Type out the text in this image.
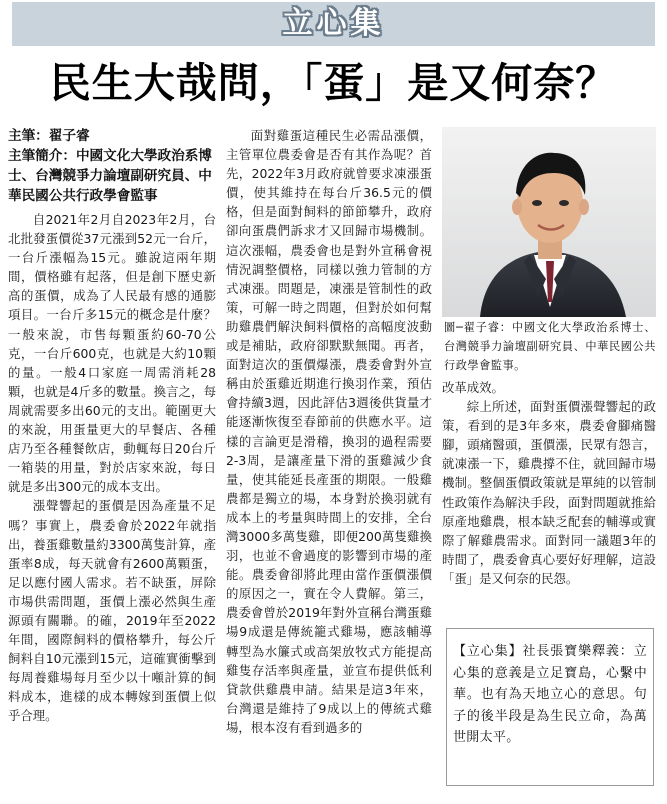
立心集
民生大哉問，「蛋」是又何奈？
主筆：翟子睿
主筆簡介：中國文化大學政治系博士、台灣競爭力論壇副研究員、中華民國公共行政學會監事

自2021年2月自2023年2月，台北批發蛋價從37元漲到52元一台斤，一台斤漲幅為15元。雖說這兩年期間，價格雖有起落，但是創下歷史新高的蛋價，成為了人民最有感的通膨項目。一台斤多15元的概念是什麼？一般來說，市售每顆蛋約60-70公克，一台斤600克，也就是大約10顆的量。一般4口家庭一周需消耗28顆，也就是4斤多的數量。換言之，每周就需要多出60元的支出。範圍更大的來說，用蛋量更大的早餐店、各種店乃至各種餐飲店，動輒每日20台斤一箱裝的用量，對於店家來說，每日就是多出300元的成本支出。

漲聲響起的蛋價是因為產量不足嗎？事實上，農委會於2022年就指出，養蛋雞數量約3300萬隻計算，產蛋率8成，每天就會有2600萬顆蛋，足以應付國人需求。若不缺蛋，屏除市場供需問題，蛋價上漲必然與生產源頭有關聯。的確，2019年至2022年間，國際飼料的價格攀升，每公斤飼料自10元漲到15元，這確實衝擊到每周養雞場每月至少以十噸計算的飼料成本，進樣的成本轉嫁到蛋價上似乎合理。

面對雞蛋這種民生必需品漲價，主管單位農委會是否有其作為呢？首先，2022年3月政府就曾要求凍漲蛋價，使其維持在每台斤36.5元的價格，但是面對飼料的節節攀升，政府卻向蛋農們訴求才又回歸市場機制。這次漲幅，農委會也是對外宣稱會視情況調整價格，同樣以強力管制的方式凍漲。問題是，凍漲是管制性的政策，可解一時之問題，但對於如何幫助雞農們解決飼料價格的高幅度波動或是補貼，政府卻默默無聞。再者，面對這次的蛋價爆漲，農委會對外宣稱由於蛋雞近期進行換羽作業，預估會持續3週，因此評估3週後供貨量才能逐漸恢復至春節前的供應水平。這樣的言論更是滑稽，換羽的過程需要2-3周，是讓產量下滑的蛋雞減少食量，使其能延長產蛋的期限。一般雞農都是獨立的場，本身對於換羽就有成本上的考量與時間上的安排，全台灣3000多萬隻雞，即便200萬隻雞換羽，也並不會過度的影響到市場的產能。農委會卻將此理由當作蛋價漲價的原因之一，實在令人費解。第三，農委會曾於2019年對外宣稱台灣蛋雞場9成還是傳統籠式雞場，應該輔導轉型為水簾式或高架放牧式方能提高雞隻存活率與產量，並宣布提供低利貸款供雞農申請。結果是這3年來，台灣還是維持了9成以上的傳統式雞場，根本沒有看到過多的

圖─翟子睿：中國文化大學政治系博士、台灣競爭力論壇副研究員、中華民國公共行政學會監事。

改革成效。

綜上所述，面對蛋價漲聲響起的政策，看到的是3年多來，農委會腳痛醫腳，頭痛醫頭，蛋價漲，民眾有怨言，就凍漲一下，雞農撐不住，就回歸市場機制。整個蛋價政策就是單純的以管制性政策作為解決手段，面對問題就推給原產地雞農，根本缺乏配套的輔導或實際了解雞農需求。面對同一議題3年的時間了，農委會真心要好好理解，這設「蛋」是又何奈的民怨。

【立心集】社長張寶樂釋義：立心集的意義是立足寶島，心繫中華。也有為天地立心的意思。句子的後半段是為生民立命，為萬世開太平。
